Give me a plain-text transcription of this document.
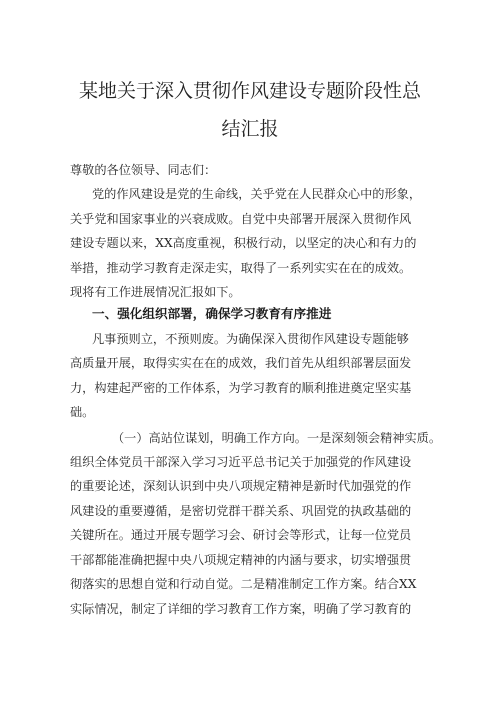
某地关于深入贯彻作风建设专题阶段性总
结汇报
尊敬的各位领导、同志们：
党的作风建设是党的生命线，关乎党在人民群众心中的形象，
关乎党和国家事业的兴衰成败。自党中央部署开展深入贯彻作风
建设专题以来，XX高度重视，积极行动，以坚定的决心和有力的
举措，推动学习教育走深走实，取得了一系列实实在在的成效。
现将有工作进展情况汇报如下。
一、强化组织部署，确保学习教育有序推进
凡事预则立，不预则废。为确保深入贯彻作风建设专题能够
高质量开展，取得实实在在的成效，我们首先从组织部署层面发
力，构建起严密的工作体系，为学习教育的顺利推进奠定坚实基
础。
（一）高站位谋划，明确工作方向。一是深刻领会精神实质。
组织全体党员干部深入学习习近平总书记关于加强党的作风建设
的重要论述，深刻认识到中央八项规定精神是新时代加强党的作
风建设的重要遵循，是密切党群干群关系、巩固党的执政基础的
关键所在。通过开展专题学习会、研讨会等形式，让每一位党员
干部都能准确把握中央八项规定精神的内涵与要求，切实增强贯
彻落实的思想自觉和行动自觉。二是精准制定工作方案。结合XX
实际情况，制定了详细的学习教育工作方案，明确了学习教育的
